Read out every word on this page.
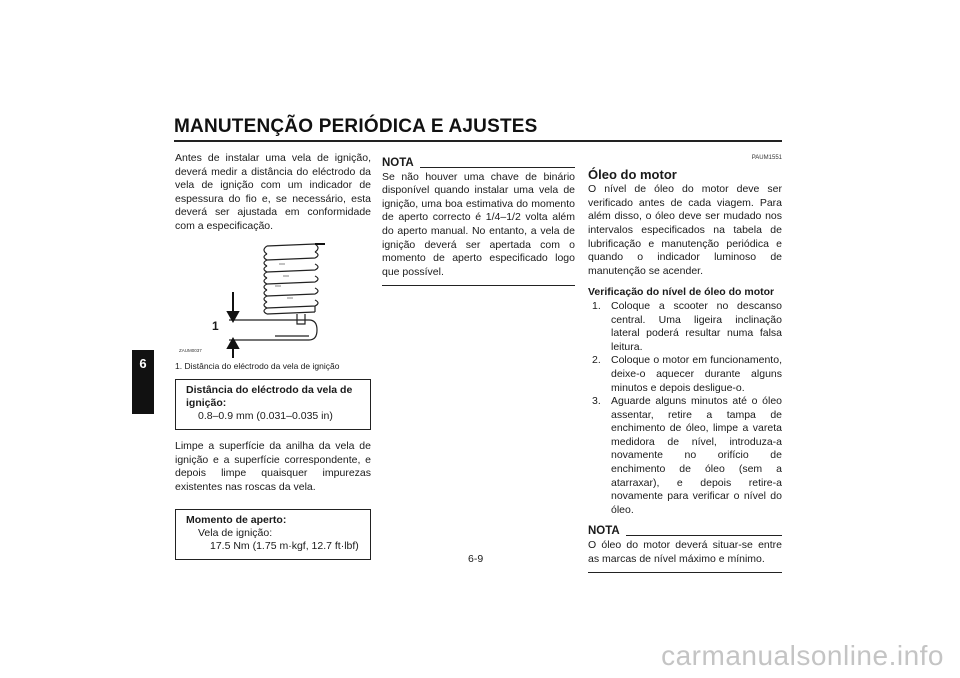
MANUTENÇÃO PERIÓDICA E AJUSTES
6

Antes de instalar uma vela de ignição, deverá medir a distância do eléctrodo da vela de ignição com um indicador de espessura do fio e, se necessário, esta deverá ser ajustada em conformidade com a especificação.

1
ZAUM0037
1. Distância do eléctrodo da vela de ignição
Distância do eléctrodo da vela de ignição:
0.8–0.9 mm (0.031–0.035 in)

Limpe a superfície da anilha da vela de ignição e a superfície correspondente, e depois limpe quaisquer impurezas existentes nas roscas da vela.

Momento de aperto:
Vela de ignição:
17.5 Nm (1.75 m·kgf, 12.7 ft·lbf)
NOTA

Se não houver uma chave de binário disponível quando instalar uma vela de ignição, uma boa estimativa do momento de aperto correcto é 1/4–1/2 volta além do aperto manual. No entanto, a vela de ignição deverá ser apertada com o momento de aperto especificado logo que possível.

PAUM1551
Óleo do motor

O nível de óleo do motor deve ser verificado antes de cada viagem. Para além disso, o óleo deve ser mudado nos intervalos especificados na tabela de lubrificação e manutenção periódica e quando o indicador luminoso de manutenção se acender.

Verificação do nível de óleo do motor
1. Coloque a scooter no descanso central. Uma ligeira inclinação lateral poderá resultar numa falsa leitura.
2. Coloque o motor em funcionamento, deixe-o aquecer durante alguns minutos e depois desligue-o.
3. Aguarde alguns minutos até o óleo assentar, retire a tampa de enchimento de óleo, limpe a vareta medidora de nível, introduza-a novamente no orifício de enchimento de óleo (sem a atarraxar), e depois retire-a novamente para verificar o nível do óleo.
NOTA

O óleo do motor deverá situar-se entre as marcas de nível máximo e mínimo.

6-9
carmanualsonline.info
